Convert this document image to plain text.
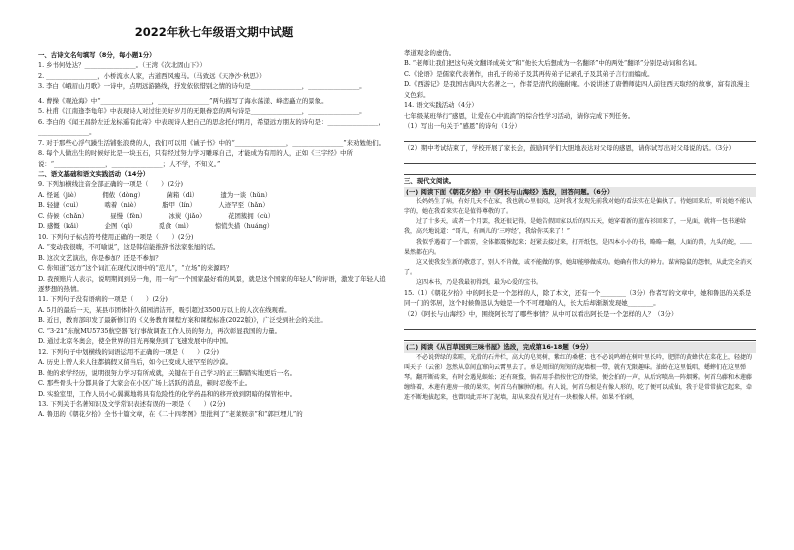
2022年秋七年级语文期中试题
一、古诗文名句填写（8分，每小题1分）
1. 乡书何处达？________________。（王湾《次北固山下》）
2. ________________，小桥流水人家，古道西风瘦马。（马致远《天净沙·秋思》）
3. 李白《峨眉山月歌》一诗中，点明远游路线，抒发依依惜别之情的诗句是________________，________________。
4. 曹操《观沧海》中“________________，________________”两句描写了海水荡漾、峰峦矗立的景象。
5. 杜甫《江南逢李龟年》中表现诗人对过往美好岁月的无限眷恋的两句诗是________________，________________。
6. 李白的《闻王昌龄左迁龙标遥有此寄》中表现诗人把自己的思念托付明月，希望远方朋友的诗句是：________________，________________。
7. 对于那些心浮气躁生活铺张浪费的人，我们可以用《诫子书》中的“________________，________________”来劝勉他们。
8. 每个人做出生的时候好比是一块玉石，只有经过努力学习雕琢自己，才能成为有用的人，正如《三字经》中所说：“________________，________________；人不学，不知义。”
二、语文基础和语文实践活动（14分）
9. 下列加横线注音全部正确的一项是（　　）(2分)
A. 怪诞（jiè）　　　　佣侬（dòng）　　　　菌箱（dì）　　　　遗为一谈（hǔn）
B. 轻捷（cuì）　　　　啮着（niè）　　　　脂甲（lín）　　　　人迹罕至（hǎn）
C. 侍候（chǎn）　　　　昼慢（fèn）　　　　冰炭（jiǎo）　　　　花团簇拥（cù）
D. 感慨（kǎi）　　　　企图（qì）　　　　觅食（mì）　　　　惊慌失措（huáng）
10. 下列句子标点符号使用正确的一项是（　　）(2分)
A. “变动我很嗨，不可喻说”，这是韩信能推辞书法家张旭的话。
B. 这次文艺演出，你是参加？还是不参加？
C. 你知道“远方”这个词汇在现代汉语中的“范儿”，“立场”的来源吗？
D. 我预赔片人表示，说明期间到另一角，用一句“一个国家最好看的风景，就是这个国家的年轻人”的评语，激发了年轻人追逐梦想的热情。
11. 下列句子没有语病的一项是（　　）(2分)
A. 5月的最后一天，某县市团体针久留园清洁开，吸引超过3500万以上的人次在线观看。
B. 近日，教育部印发了最新修订的《义务教育课程方案和课程标准(2022版)》，广泛受到社会的关注。
C. “3·21”东航MU5735航空器飞行事故调查工作人员的努力，再次彰显我国的力量。
D. 通过北京冬奥会，使全世界的目光再聚焦到了飞速发展中的中国。
12. 下列句子中划横线的词语运用不正确的一项是（　　）(2分)
A. 历史上曾人来人往都搞假又留当后，如今已变成人迹罕至的沙漠。
B. 他的求学经历，说明很努力学习有所成就，关键在于自己学习的正三脚踏实地更后一名。
C. 那些骨头十分都具备了大家会在小区广场上活跃的消息，顿时忍俊不止。
D. 实验室里，工作人员小心翼翼地将具有危险性的化学药品和的移开放到阴暗的保管柜中。
13. 下列关于名著知识及文学常识表述有误的一项是（　　）(2分)
A. 鲁迅的《朝花夕拾》全书十篇文章，在《二十四孝图》里批判了“老莱娱亲”和“郭巨埋儿”的
孝道观念的虚伪。
B. “老师让我们把这句英文翻译成英文”和“他长大后想成为一名翻译”中的两处“翻译”分别是动词和名词。
C.《论语》是儒家代表著作，由孔子的弟子及其再传弟子记录孔子及其弟子言行而编成。
D.《西游记》是我国古典四大名著之一，作者是清代的施耐庵。小说讲述了唐僧师徒四人前往西天取经的故事，富有浪漫主义色彩。
14. 语文实践活动（4分）
七年级某班举行“感恩，让爱在心中流淌”的综合性学习活动，请你完成下列任务。
（1）写出一句关于“感恩”的诗句（1分）
（2）期中考试结束了，学校开展了家长会，鼓励同学们大胆地表达对父母的感恩，请你试写出对父母说的话。（3分）
三、现代文阅读。
(一) 阅读下面《朝花夕拾》中《阿长与山海经》选段，回答问题。（6分）

长妈妈生了病，有好几天不在家，我也就心里很闷，这时我才发现先前我对她的看法实在是偏执了。待她回来后，听说她不能认字的，她在我看来实在是值得尊敬的了。

过了十多天，或者一个月罢，我还很记得，是她告假回家以后的四五天，她穿着新的蓝布衫回来了，一见面，就将一包书递给我，高兴地说道：“哥儿，有画儿的‘三哼经’，我给你买来了！”

我似乎遇着了一个霹雳，全体都震悚起来；赶紧去接过来，打开纸包，是四本小小的书，略略一翻，人面的兽，九头的蛇，……果然都在内。

这又使我发生新的敬意了，别人不肯做，或不能做的事，她却能够做成功。她确有伟大的神力。谋害隐鼠的怨恨，从此完全消灭了。

这四本书，乃是我最初得到，最为心爱的宝书。

15.（1）《朝花夕拾》中的阿长是一个怎样的人，除了本文，还有一个________（3分）作者写的文章中，她和鲁迅的关系是同一门的邻居，这个时候鲁迅认为她是一个不可理喻的人，长大后却渐渐发现她________。
（2）《阿长与山海经》中，围绕阿长写了哪些事情？从中可以看出阿长是一个怎样的人？（3分）
(二) 阅读《从百草园到三味书屋》选段，完成第16-18题（9分）

不必说碧绿的菜畦，光滑的石井栏，高大的皂荚树，紫红的桑椹；也不必说鸣蝉在树叶里长吟，肥胖的黄蜂伏在菜花上，轻捷的叫天子（云雀）忽然从草间直窜向云霄里去了。单是周围的短短的泥墙根一带，就有无限趣味。油蛉在这里低唱，蟋蟀们在这里弹琴。翻开断砖来，有时会遇见蜈蚣；还有斑蝥，倘若用手指按住它的脊梁，便会拍的一声，从后窍喷出一阵烟雾。何首乌藤和木莲藤缠络着，木莲有莲房一般的果实，何首乌有臃肿的根。有人说，何首乌根是有像人形的，吃了便可以成仙，我于是常常拔它起来，牵连不断地拔起来，也曾因此弄坏了泥墙，却从来没有见过有一块根像人样。如果不怕刺，
